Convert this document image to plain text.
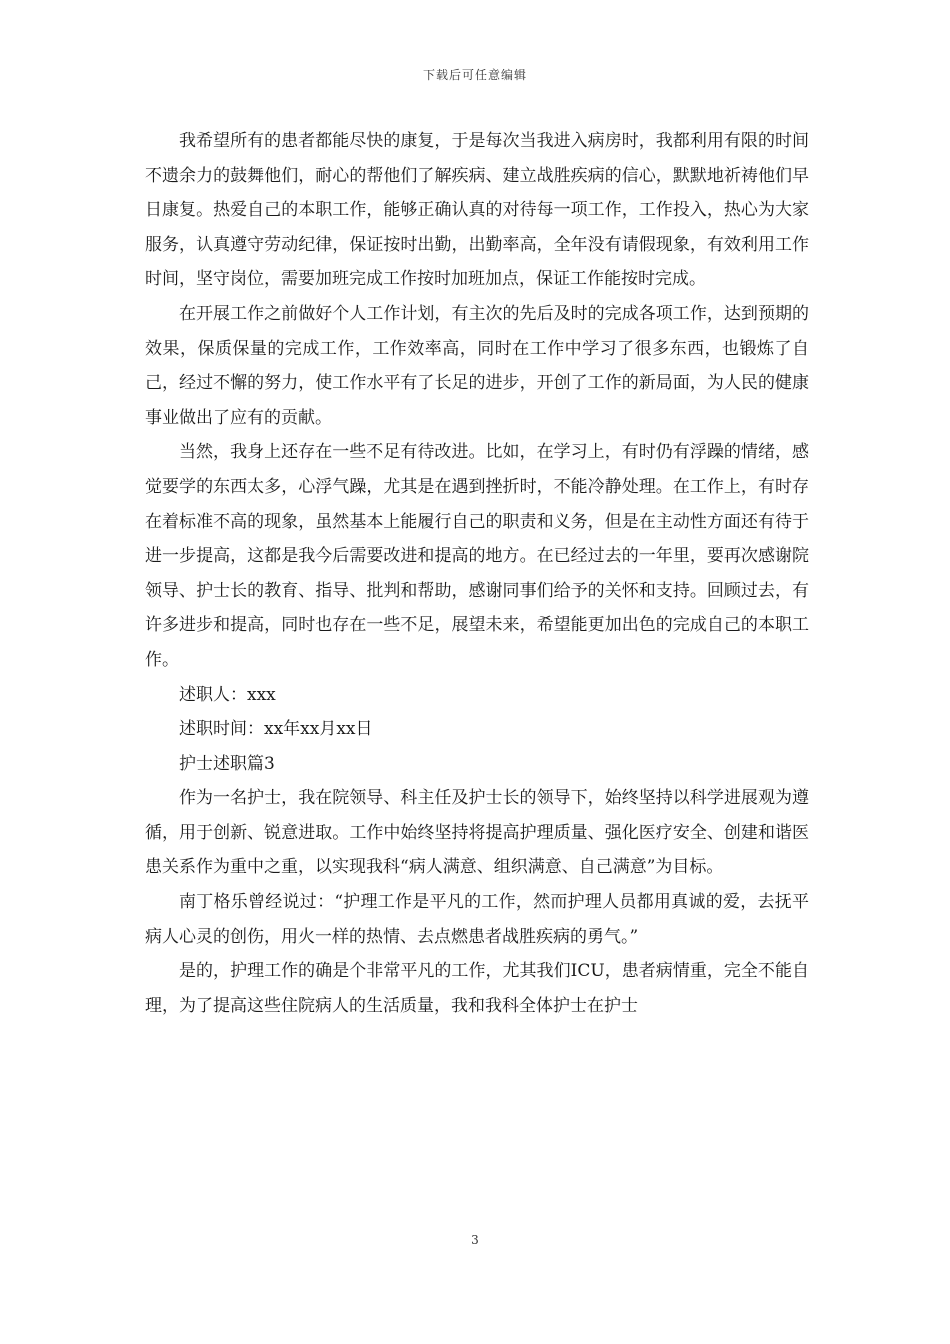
下载后可任意编辑

我希望所有的患者都能尽快的康复，于是每次当我进入病房时，我都利用有限的时间不遗余力的鼓舞他们，耐心的帮他们了解疾病、建立战胜疾病的信心，默默地祈祷他们早日康复。热爱自己的本职工作，能够正确认真的对待每一项工作，工作投入，热心为大家服务，认真遵守劳动纪律，保证按时出勤，出勤率高，全年没有请假现象，有效利用工作时间，坚守岗位，需要加班完成工作按时加班加点，保证工作能按时完成。

在开展工作之前做好个人工作计划，有主次的先后及时的完成各项工作，达到预期的效果，保质保量的完成工作，工作效率高，同时在工作中学习了很多东西，也锻炼了自己，经过不懈的努力，使工作水平有了长足的进步，开创了工作的新局面，为人民的健康事业做出了应有的贡献。

当然，我身上还存在一些不足有待改进。比如，在学习上，有时仍有浮躁的情绪，感觉要学的东西太多，心浮气躁，尤其是在遇到挫折时，不能冷静处理。在工作上，有时存在着标准不高的现象，虽然基本上能履行自己的职责和义务，但是在主动性方面还有待于进一步提高，这都是我今后需要改进和提高的地方。在已经过去的一年里，要再次感谢院领导、护士长的教育、指导、批判和帮助，感谢同事们给予的关怀和支持。回顾过去，有许多进步和提高，同时也存在一些不足，展望未来，希望能更加出色的完成自己的本职工作。

述职人：xxx

述职时间：xx年xx月xx日

护士述职篇3

作为一名护士，我在院领导、科主任及护士长的领导下，始终坚持以科学进展观为遵循，用于创新、锐意进取。工作中始终坚持将提高护理质量、强化医疗安全、创建和谐医患关系作为重中之重，以实现我科“病人满意、组织满意、自己满意”为目标。

南丁格乐曾经说过：“护理工作是平凡的工作，然而护理人员都用真诚的爱，去抚平病人心灵的创伤，用火一样的热情、去点燃患者战胜疾病的勇气。”

是的，护理工作的确是个非常平凡的工作，尤其我们ICU，患者病情重，完全不能自理，为了提高这些住院病人的生活质量，我和我科全体护士在护士

3
